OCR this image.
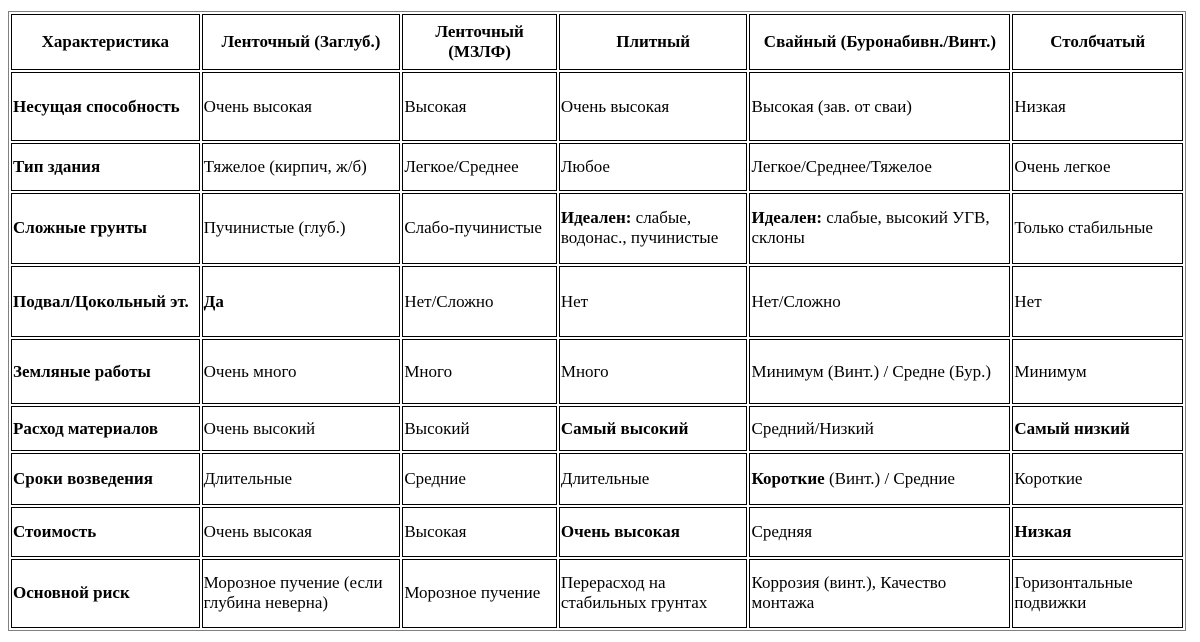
Характеристика	Ленточный (Заглуб.)	Ленточный (МЗЛФ)	Плитный	Свайный (Буронабивн./Винт.)	Столбчатый
Несущая способность	Очень высокая	Высокая	Очень высокая	Высокая (зав. от сваи)	Низкая
Тип здания	Тяжелое (кирпич, ж/б)	Легкое/Среднее	Любое	Легкое/Среднее/Тяжелое	Очень легкое
Сложные грунты	Пучинистые (глуб.)	Слабо-пучинистые	Идеален: слабые, водонас., пучинистые	Идеален: слабые, высокий УГВ, склоны	Только стабильные
Подвал/Цокольный эт.	Да	Нет/Сложно	Нет	Нет/Сложно	Нет
Земляные работы	Очень много	Много	Много	Минимум (Винт.) / Средне (Бур.)	Минимум
Расход материалов	Очень высокий	Высокий	Самый высокий	Средний/Низкий	Самый низкий
Сроки возведения	Длительные	Средние	Длительные	Короткие (Винт.) / Средние	Короткие
Стоимость	Очень высокая	Высокая	Очень высокая	Средняя	Низкая
Основной риск	Морозное пучение (если глубина неверна)	Морозное пучение	Перерасход на стабильных грунтах	Коррозия (винт.), Качество монтажа	Горизонтальные подвижки
